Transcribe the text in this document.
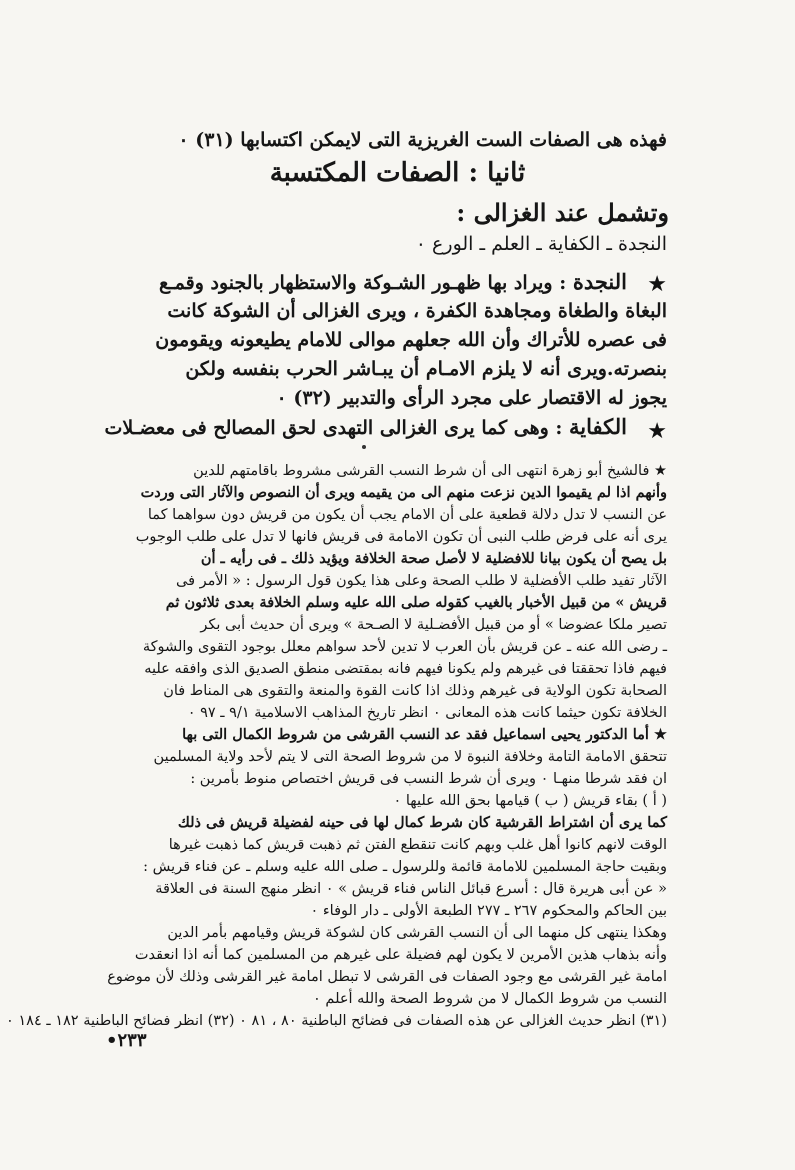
فهذه هى الصفات الست الغريزية التى لايمكن اكتسابها (٣١) ٠
ثانيا : الصفات المكتسبة
وتشمل عند الغزالى :
النجدة ـ الكفاية ـ العلم ـ الورع ٠
★
النجدة : ويراد بها ظهـور الشـوكة والاستظهار بالجنود وقمـع
البغاة والطغاة ومجاهدة الكفرة ، ويرى الغزالى أن الشوكة كانت
فى عصره للأتراك وأن الله جعلهم موالى للامام يطيعونه ويقومون
بنصرته.ويرى أنه لا يلزم الامـام أن يبـاشر الحرب بنفسه ولكن
يجوز له الاقتصار على مجرد الرأى والتدبير (٣٢) ٠
★
الكفاية : وهى كما يرى الغزالى التهدى لحق المصالح فى معضـلات
★ فالشيخ أبو زهرة انتهى الى أن شرط النسب القرشى مشروط باقامتهم للدين
وأنهم اذا لم يقيموا الدين نزعت منهم الى من يقيمه ويرى أن النصوص والآثار التى وردت
عن النسب لا تدل دلالة قطعية على أن الامام يجب أن يكون من قريش دون سواهما كما
يرى أنه على فرض طلب النبى أن تكون الامامة فى قريش فانها لا تدل على طلب الوجوب
بل يصح أن يكون بيانا للافضلية لا لأصل صحة الخلافة ويؤيد ذلك ـ فى رأيه ـ أن
الآثار تفيد طلب الأفضلية لا طلب الصحة وعلى هذا يكون قول الرسول : « الأمر فى
قريش » من قبيل الأخبار بالغيب كقوله صلى الله عليه وسلم الخلافة بعدى ثلاثون ثم
تصير ملكا عضوضا » أو من قبيل الأفضـلية لا الصـحة » ويرى أن حديث أبى بكر
ـ رضى الله عنه ـ عن قريش بأن العرب لا تدين لأحد سواهم معلل بوجود التقوى والشوكة
فيهم فاذا تحققتا فى غيرهم ولم يكونا فيهم فانه بمقتضى منطق الصديق الذى وافقه عليه
الصحابة تكون الولاية فى غيرهم وذلك اذا كانت القوة والمنعة والتقوى هى المناط فان
الخلافة تكون حيثما كانت هذه المعانى ٠ انظر تاريخ المذاهب الاسلامية ٩/١ ـ ٩٧ ٠
★ أما الدكتور يحيى اسماعيل فقد عد النسب القرشى من شروط الكمال التى بها
تتحقق الامامة التامة وخلافة النبوة لا من شروط الصحة التى لا يتم لأحد ولاية المسلمين
ان فقد شرطا منهـا ٠ ويرى أن شرط النسب فى قريش اختصاص منوط بأمرين :
( أ ) بقاء قريش ( ب ) قيامها بحق الله عليها ٠
كما يرى أن اشتراط القرشية كان شرط كمال لها فى حينه لفضيلة قريش فى ذلك
الوقت لانهم كانوا أهل غلب وبهم كانت تنقطع الفتن ثم ذهبت قريش كما ذهبت غيرها
وبقيت حاجة المسلمين للامامة قائمة وللرسول ـ صلى الله عليه وسلم ـ عن فناء قريش :
« عن أبى هريرة قال : أسرع قبائل الناس فناء قريش » ٠ انظر منهج السنة فى العلاقة
بين الحاكم والمحكوم ٢٦٧ ـ ٢٧٧ الطبعة الأولى ـ دار الوفاء ٠
وهكذا ينتهى كل منهما الى أن النسب القرشى كان لشوكة قريش وقيامهم بأمر الدين
وأنه بذهاب هذين الأمرين لا يكون لهم فضيلة على غيرهم من المسلمين كما أنه اذا انعقدت
امامة غير القرشى مع وجود الصفات فى القرشى لا تبطل امامة غير القرشى وذلك لأن موضوع
النسب من شروط الكمال لا من شروط الصحة والله أعلم ٠
(٣١) انظر حديث الغزالى عن هذه الصفات فى فضائح الباطنية ٨٠ ، ٨١ ٠ (٣٢) انظر فضائح الباطنية ١٨٢ ـ ١٨٤ ٠
٢٣٣•
